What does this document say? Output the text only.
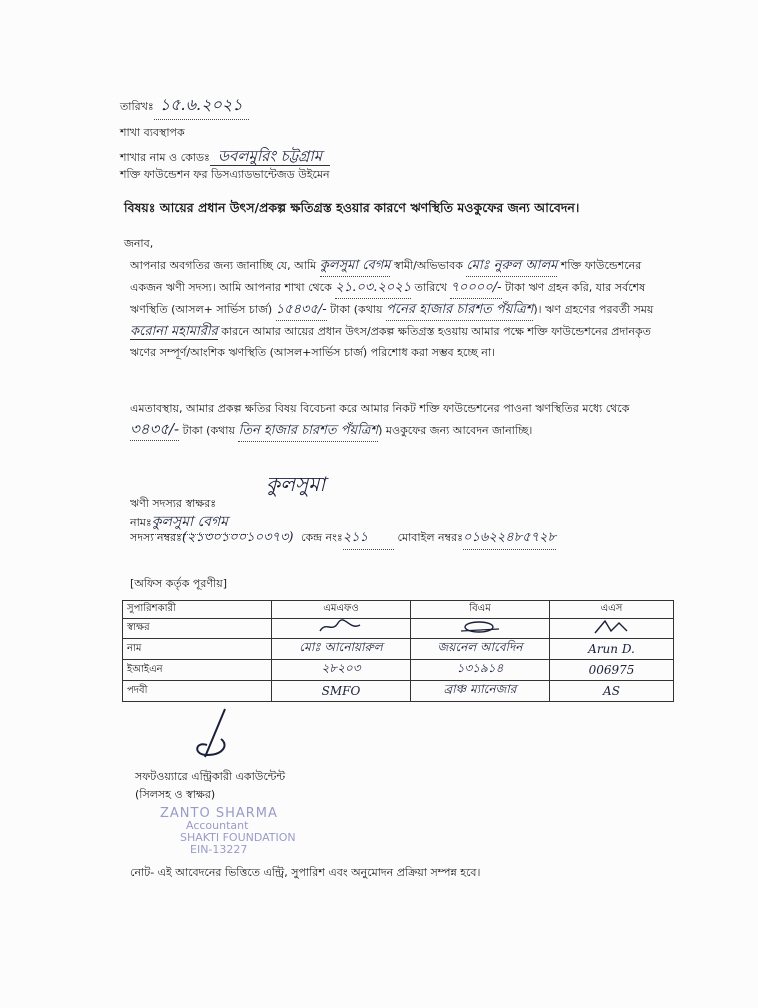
তারিখঃ ১৫.৬.২০২১
শাখা ব্যবস্থাপক
শাখার নাম ও কোডঃ ডবলমুরিং চট্টগ্রাম
শক্তি ফাউন্ডেশন ফর ডিসএ্যাডভান্টেজড উইমেন
বিষয়ঃ আয়ের প্রধান উৎস/প্রকল্প ক্ষতিগ্রস্ত হওয়ার কারণে ঋণস্থিতি মওকুফের জন্য আবেদন।
জনাব,
আপনার অবগতির জন্য জানাচ্ছি যে, আমি কুলসুমা বেগম স্বামী/অভিভাবক মোঃ নুরুল আলম শক্তি ফাউন্ডেশনের একজন ঋণী সদস্য। আমি আপনার শাখা থেকে ২১.০৩.২০২১ তারিখে ৭০০০০/- টাকা ঋণ গ্রহন করি, যার সর্বশেষ ঋণস্থিতি (আসল+ সার্ভিস চার্জ) ১৫৪৩৫/- টাকা (কথায় পনের হাজার চারশত পঁয়ত্রিশ)। ঋণ গ্রহণের পরবর্তী সময় করোনা মহামারীর কারনে আমার আয়ের প্রধান উৎস/প্রকল্প ক্ষতিগ্রস্ত হওয়ায় আমার পক্ষে শক্তি ফাউন্ডেশনের প্রদানকৃত ঋণের সম্পূর্ণ/আংশিক ঋণস্থিতি (আসল+সার্ভিস চার্জ) পরিশোধ করা সম্ভব হচ্ছে না।
এমতাবস্থায়, আমার প্রকল্প ক্ষতির বিষয় বিবেচনা করে আমার নিকট শক্তি ফাউন্ডেশনের পাওনা ঋণস্থিতির মধ্যে থেকে ৩৪৩৫/- টাকা (কথায় তিন হাজার চারশত পঁয়ত্রিশ) মওকুফের জন্য আবেদন জানাচ্ছি।
ঋণী সদস্যর স্বাক্ষরঃকুলসুমা
নামঃকুলসুমা বেগম
সদস্য নম্বরঃ(২১৩০১০০১০৩৭৩) কেন্দ্র নংঃ২১১	মোবাইল নম্বরঃ০১৬২২৪৮৫৭২৮
[অফিস কর্তৃক পূরণীয়]
সুপারিশকারী	এমএফও	বিএম	এএস
স্বাক্ষর			
নাম	মোঃ আনোয়ারুল	জয়নেল আবেদিন	Arun D.
ইআইএন	২৮২০৩	১৩১৯১৪	006975
পদবী	SMFO	ব্রাঞ্চ ম্যানেজার	AS
সফটওয়্যারে এন্ট্রিকারী একাউন্টেন্ট
(সিলসহ ও স্বাক্ষর)
ZANTO SHARMA
Accountant
SHAKTI FOUNDATION
EIN-13227
নোট- এই আবেদনের ভিত্তিতে এন্ট্রি, সুপারিশ এবং অনুমোদন প্রক্রিয়া সম্পন্ন হবে।
